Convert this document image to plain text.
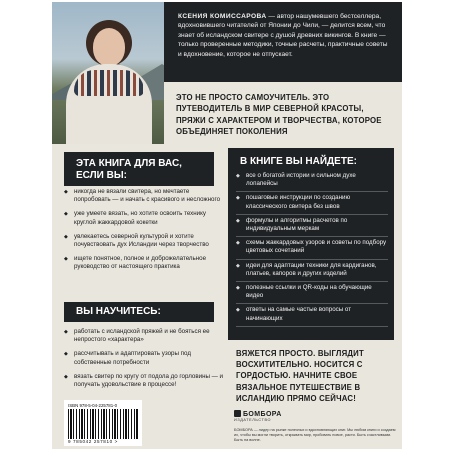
КСЕНИЯ КОМИССАРОВА — автор нашумевшего бестселлера, вдохновившего читателей от Японии до Чили, — делится всем, что знает об исландском свитере с душой древних викингов. В книге — только проверенные методики, точные расчеты, практичные советы и вдохновение, которое не отпускает.
ЭТО НЕ ПРОСТО САМОУЧИТЕЛЬ. ЭТО ПУТЕВОДИТЕЛЬ В МИР СЕВЕРНОЙ КРАСОТЫ, ПРЯЖИ С ХАРАКТЕРОМ И ТВОРЧЕСТВА, КОТОРОЕ ОБЪЕДИНЯЕТ ПОКОЛЕНИЯ
ЭТА КНИГА ДЛЯ ВАС, ЕСЛИ ВЫ:
◆ никогда не вязали свитера, но мечтаете попробовать — и начать с красивого и несложного
◆ уже умеете вязать, но хотите освоить технику круглой жаккардовой кокетки
◆ увлекаетесь северной культурой и хотите почувствовать дух Исландии через творчество
◆ ищете понятное, полное и доброжелательное руководство от настоящего практика
В КНИГЕ ВЫ НАЙДЕТЕ:
◆ все о богатой истории и сильном духе лопапейсы
◆ пошаговые инструкции по созданию классического свитера без швов
◆ формулы и алгоритмы расчетов по индивидуальным меркам
◆ схемы жаккардовых узоров и советы по подбору цветовых сочетаний
◆ идеи для адаптации техники для кардиганов, платьев, капоров и других изделий
◆ полезные ссылки и QR-коды на обучающие видео
◆ ответы на самые частые вопросы от начинающих
ВЫ НАУЧИТЕСЬ:
◆ работать с исландской пряжей и не бояться ее непростого «характера»
◆ рассчитывать и адаптировать узоры под собственные потребности
◆ вязать свитер по кругу от подола до горловины — и получать удовольствие в процессе!
ВЯЖЕТСЯ ПРОСТО. ВЫГЛЯДИТ ВОСХИТИТЕЛЬНО. НОСИТСЯ С ГОРДОСТЬЮ. НАЧНИТЕ СВОЕ ВЯЗАЛЬНОЕ ПУТЕШЕСТВИЕ В ИСЛАНДИЮ ПРЯМО СЕЙЧАС!
ISBN 978-5-04-225781-0
9 785042 257810 >
БОМБОРА
ИЗДАТЕЛЬСТВО
БОМБОРА — лидер на рынке полезных и вдохновляющих книг. Мы любим книги и создаем их, чтобы вы могли творить, открывать мир, пробовать новое, расти. Быть счастливыми. Быть на волне.
